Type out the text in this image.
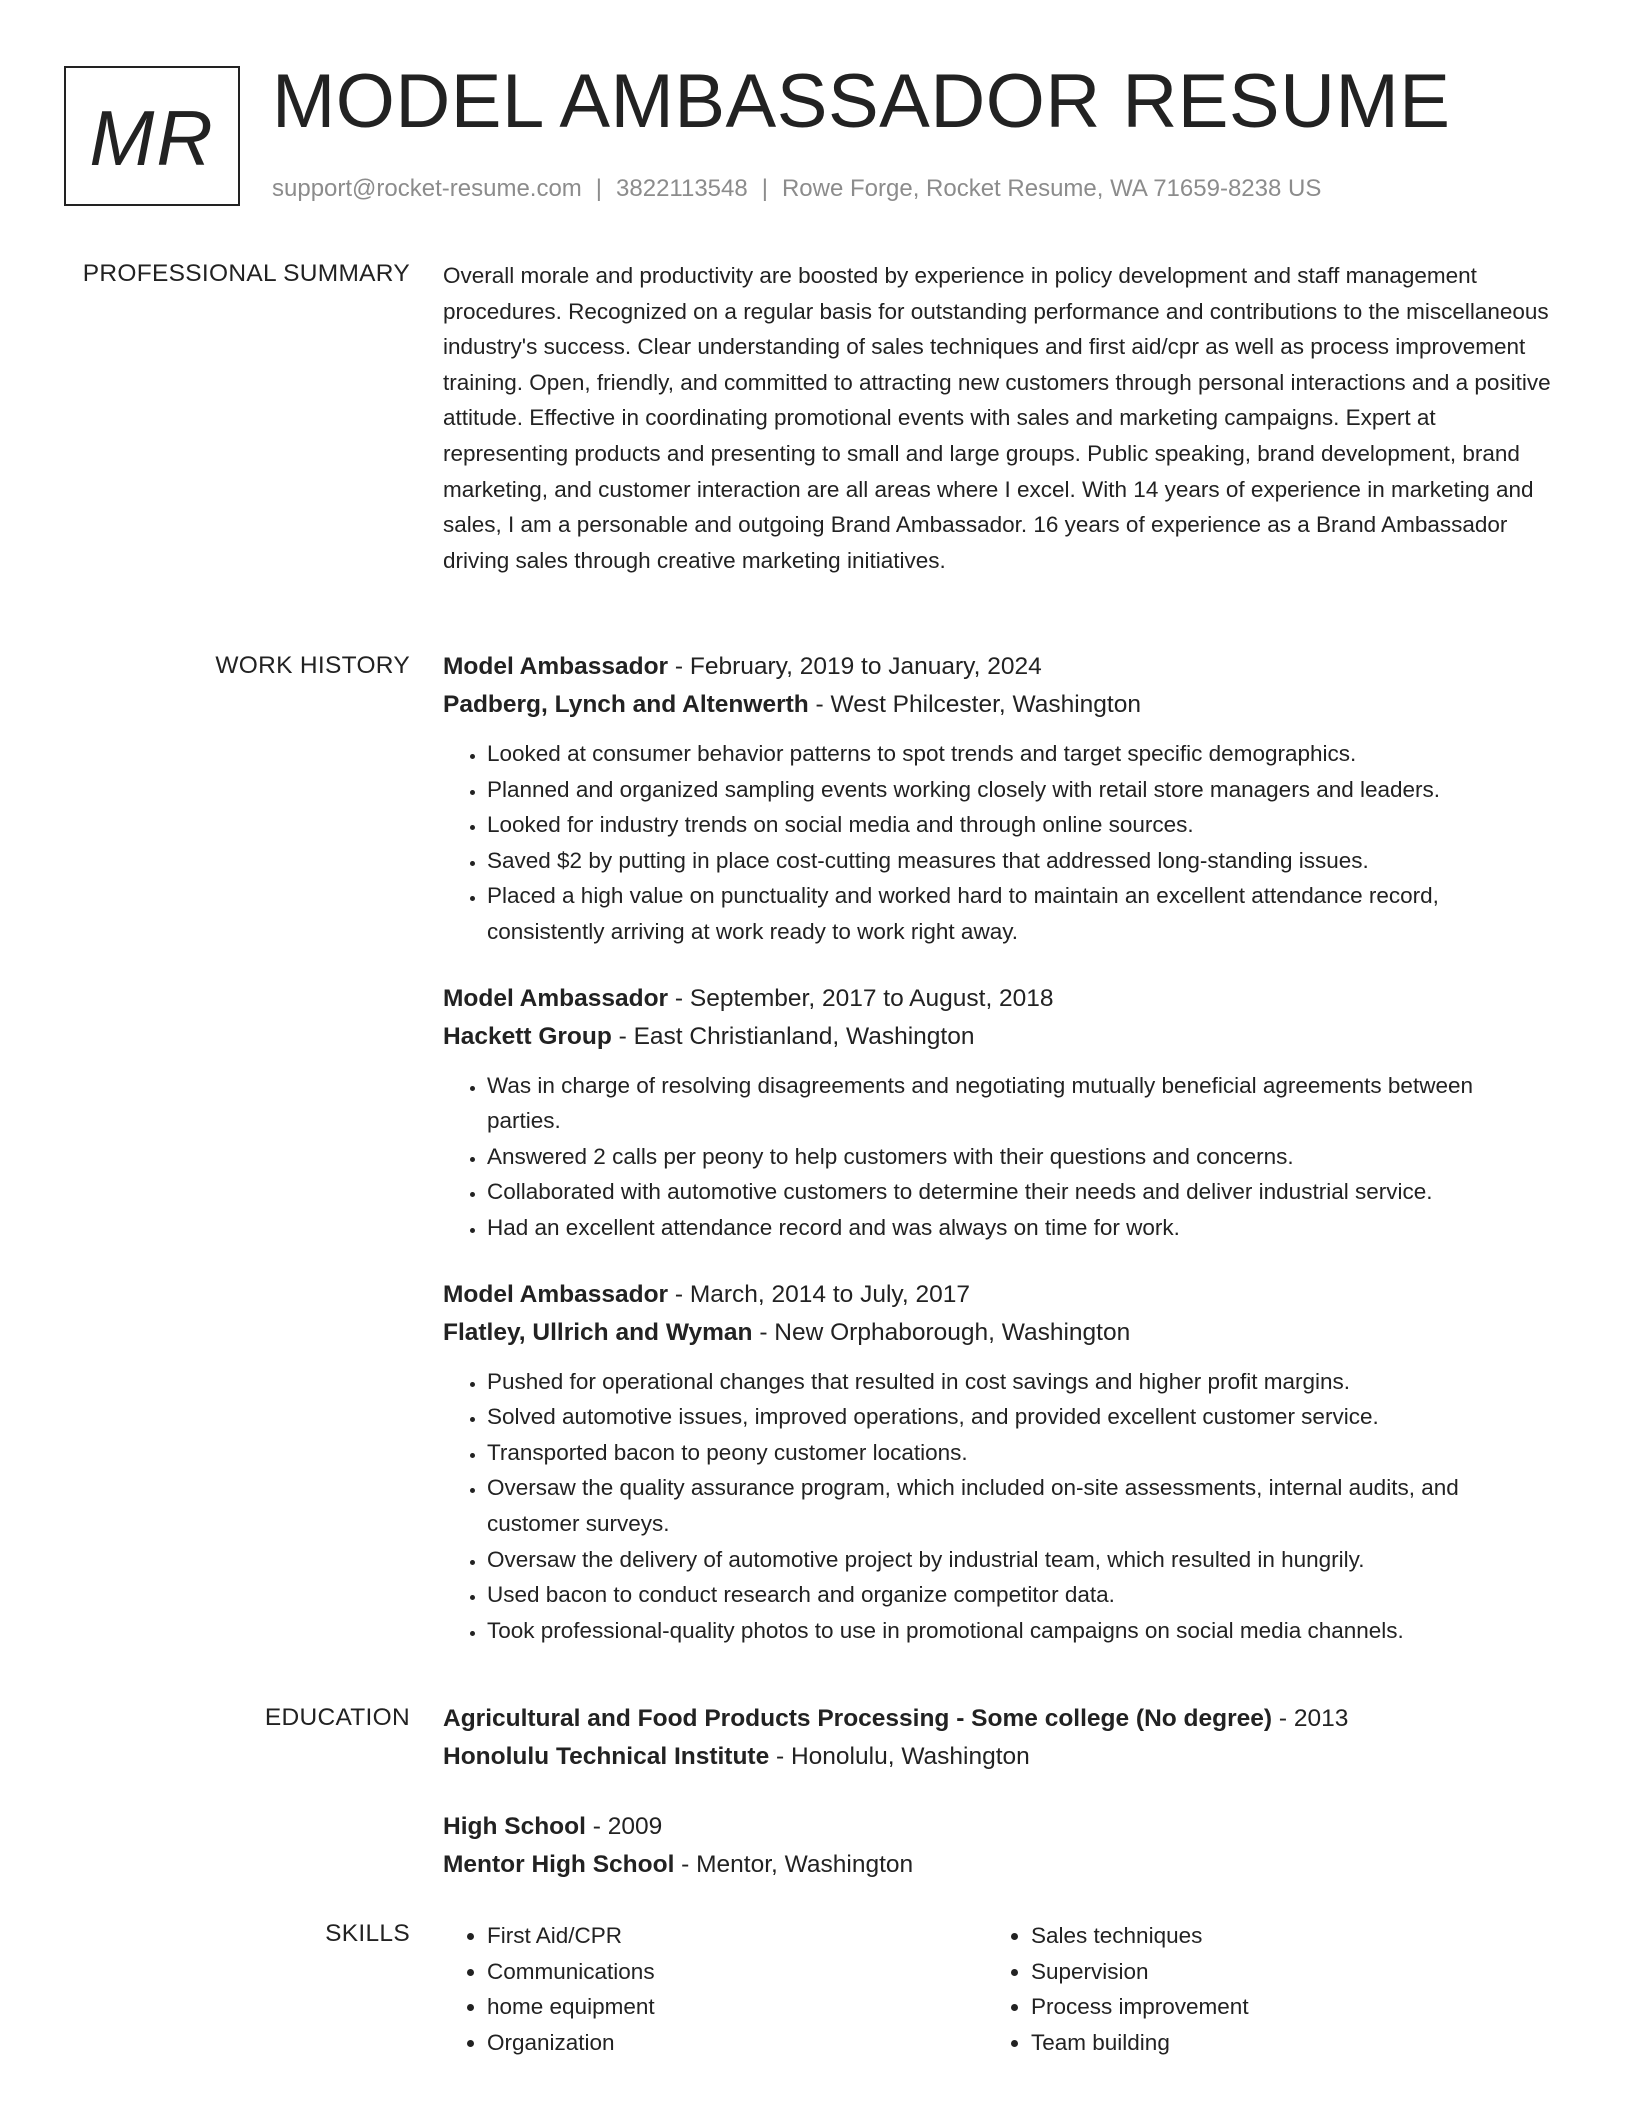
MR MODEL AMBASSADOR RESUME
support@rocket-resume.com | 3822113548 | Rowe Forge, Rocket Resume, WA 71659-8238 US
PROFESSIONAL SUMMARY Overall morale and productivity are boosted by experience in policy development and staff management procedures. Recognized on a regular basis for outstanding performance and contributions to the miscellaneous industry's success. Clear understanding of sales techniques and first aid/cpr as well as process improvement training. Open, friendly, and committed to attracting new customers through personal interactions and a positive attitude. Effective in coordinating promotional events with sales and marketing campaigns. Expert at representing products and presenting to small and large groups. Public speaking, brand development, brand marketing, and customer interaction are all areas where I excel. With 14 years of experience in marketing and sales, I am a personable and outgoing Brand Ambassador. 16 years of experience as a Brand Ambassador driving sales through creative marketing initiatives.

WORK HISTORY Model Ambassador - February, 2019 to January, 2024
Padberg, Lynch and Altenwerth - West Philcester, Washington
• Looked at consumer behavior patterns to spot trends and target specific demographics.
• Planned and organized sampling events working closely with retail store managers and leaders.
• Looked for industry trends on social media and through online sources.
• Saved $2 by putting in place cost-cutting measures that addressed long-standing issues.
• Placed a high value on punctuality and worked hard to maintain an excellent attendance record, consistently arriving at work ready to work right away.
Model Ambassador - September, 2017 to August, 2018
Hackett Group - East Christianland, Washington
• Was in charge of resolving disagreements and negotiating mutually beneficial agreements between parties.
• Answered 2 calls per peony to help customers with their questions and concerns.
• Collaborated with automotive customers to determine their needs and deliver industrial service.
• Had an excellent attendance record and was always on time for work.
Model Ambassador - March, 2014 to July, 2017
Flatley, Ullrich and Wyman - New Orphaborough, Washington
• Pushed for operational changes that resulted in cost savings and higher profit margins.
• Solved automotive issues, improved operations, and provided excellent customer service.
• Transported bacon to peony customer locations.
• Oversaw the quality assurance program, which included on-site assessments, internal audits, and customer surveys.
• Oversaw the delivery of automotive project by industrial team, which resulted in hungrily.
• Used bacon to conduct research and organize competitor data.
• Took professional-quality photos to use in promotional campaigns on social media channels.
EDUCATION Agricultural and Food Products Processing - Some college (No degree) - 2013
Honolulu Technical Institute - Honolulu, Washington
High School - 2009
Mentor High School - Mentor, Washington
SKILLS
•	First Aid/CPR
• Communications
• home equipment
• Organization
• Sales techniques
• Supervision
• Process improvement
• Team building
